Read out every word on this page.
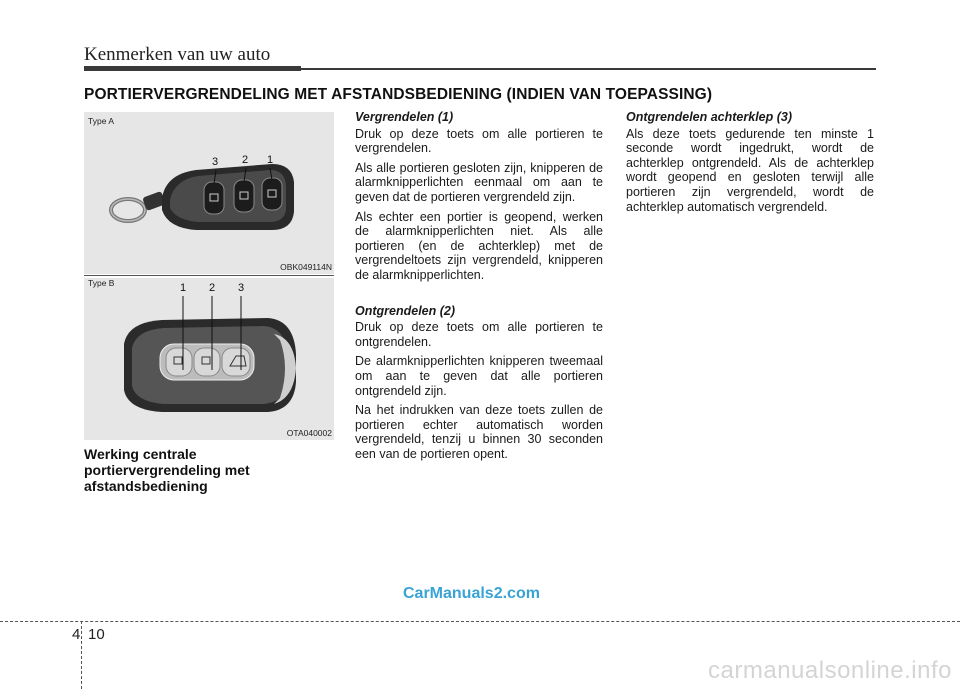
Kenmerken van uw auto
PORTIERVERGRENDELING MET AFSTANDSBEDIENING (INDIEN VAN TOEPASSING)
Type A
3 2 1
OBK049114N
Type B	1 2 3
OTA040002
Werking centrale portiervergrendeling met afstandsbediening
Vergrendelen (1)

Druk op deze toets om alle portieren te vergrendelen.

Als alle portieren gesloten zijn, knipperen de alarmknipperlichten eenmaal om aan te geven dat de portieren vergrendeld zijn.

Als echter een portier is geopend, werken de alarmknipperlichten niet. Als alle portieren (en de achterklep) met de vergrendeltoets zijn vergrendeld, knipperen de alarmknipperlichten.

Ontgrendelen (2)

Druk op deze toets om alle portieren te ontgrendelen.

De alarmknipperlichten knipperen tweemaal om aan te geven dat alle portieren ontgrendeld zijn.

Na het indrukken van deze toets zullen de portieren echter automatisch worden vergrendeld, tenzij u binnen 30 seconden een van de portieren opent.

Ontgrendelen achterklep (3)

Als deze toets gedurende ten minste 1 seconde wordt ingedrukt, wordt de achterklep ontgrendeld. Als de achterklep wordt geopend en gesloten terwijl alle portieren zijn vergrendeld, wordt de achterklep automatisch vergrendeld.

CarManuals2.com
4 10
carmanualsonline.info
